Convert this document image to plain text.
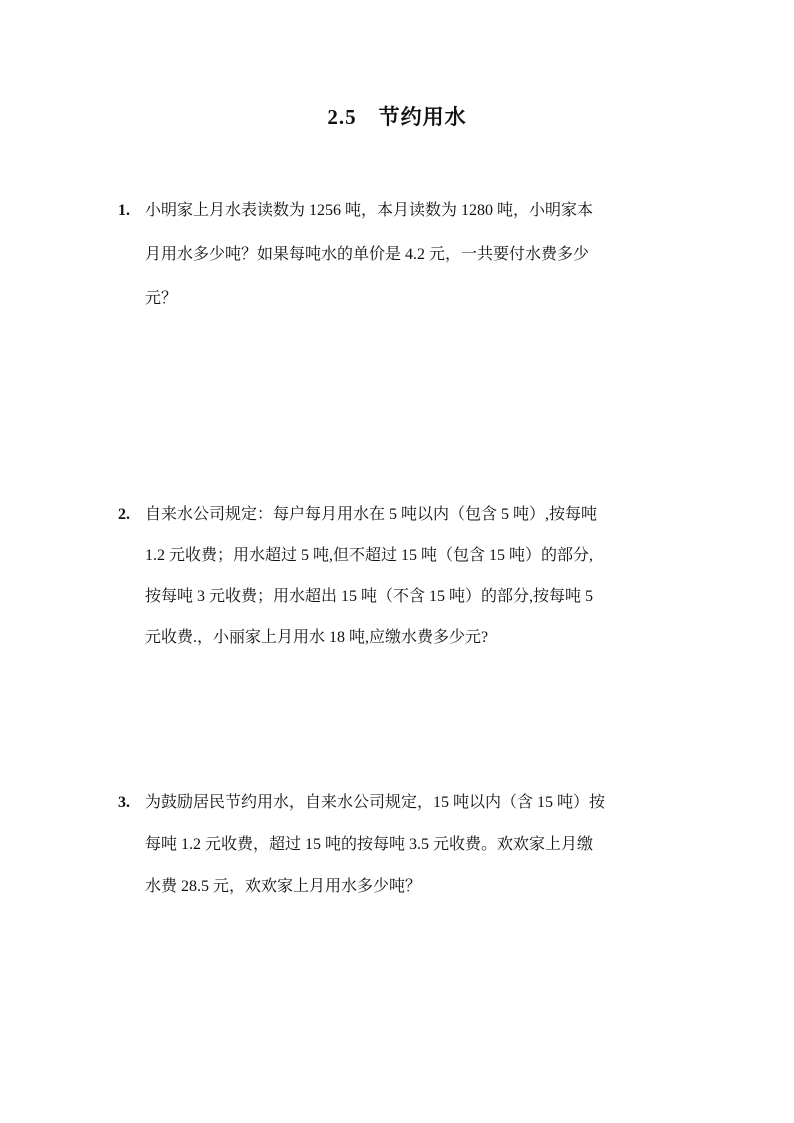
2.5 节约用水
1. 小明家上月水表读数为 1256 吨，本月读数为 1280 吨，小明家本
月用水多少吨？如果每吨水的单价是 4.2 元，一共要付水费多少
元？
2. 自来水公司规定：每户每月用水在 5 吨以内（包含 5 吨）,按每吨
1.2 元收费；用水超过 5 吨,但不超过 15 吨（包含 15 吨）的部分,
按每吨 3 元收费；用水超出 15 吨（不含 15 吨）的部分,按每吨 5
元收费.，小丽家上月用水 18 吨,应缴水费多少元?
3. 为鼓励居民节约用水，自来水公司规定，15 吨以内（含 15 吨）按
每吨 1.2 元收费，超过 15 吨的按每吨 3.5 元收费。欢欢家上月缴
水费 28.5 元，欢欢家上月用水多少吨？
